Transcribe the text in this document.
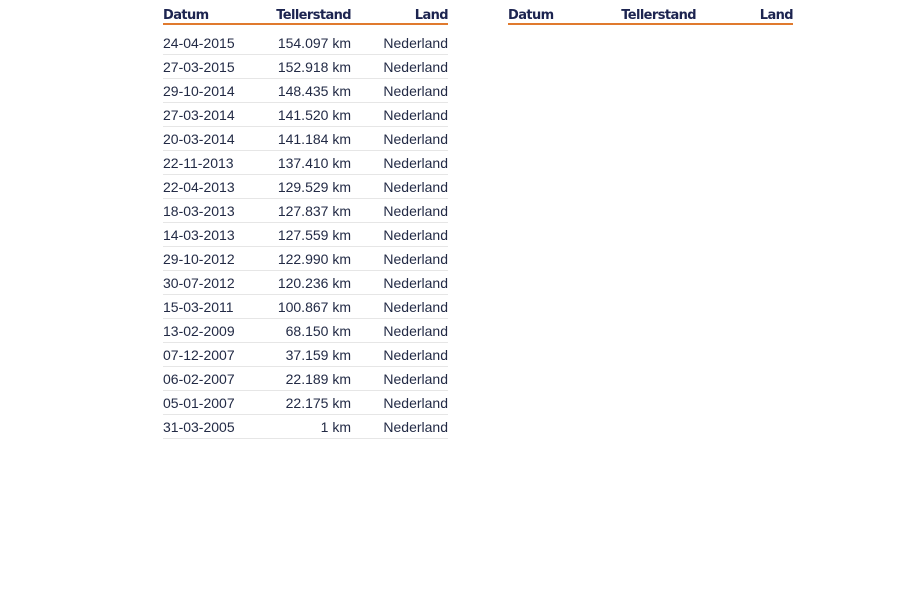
Datum	Tellerstand	Land

24-04-2015	154.097 km	Nederland
27-03-2015	152.918 km	Nederland
29-10-2014	148.435 km	Nederland
27-03-2014	141.520 km	Nederland
20-03-2014	141.184 km	Nederland
22-11-2013	137.410 km	Nederland
22-04-2013	129.529 km	Nederland
18-03-2013	127.837 km	Nederland
14-03-2013	127.559 km	Nederland
29-10-2012	122.990 km	Nederland
30-07-2012	120.236 km	Nederland
15-03-2011	100.867 km	Nederland
13-02-2009	68.150 km	Nederland
07-12-2007	37.159 km	Nederland
06-02-2007	22.189 km	Nederland
05-01-2007	22.175 km	Nederland
31-03-2005	1 km	Nederland
Datum	Tellerstand	Land
